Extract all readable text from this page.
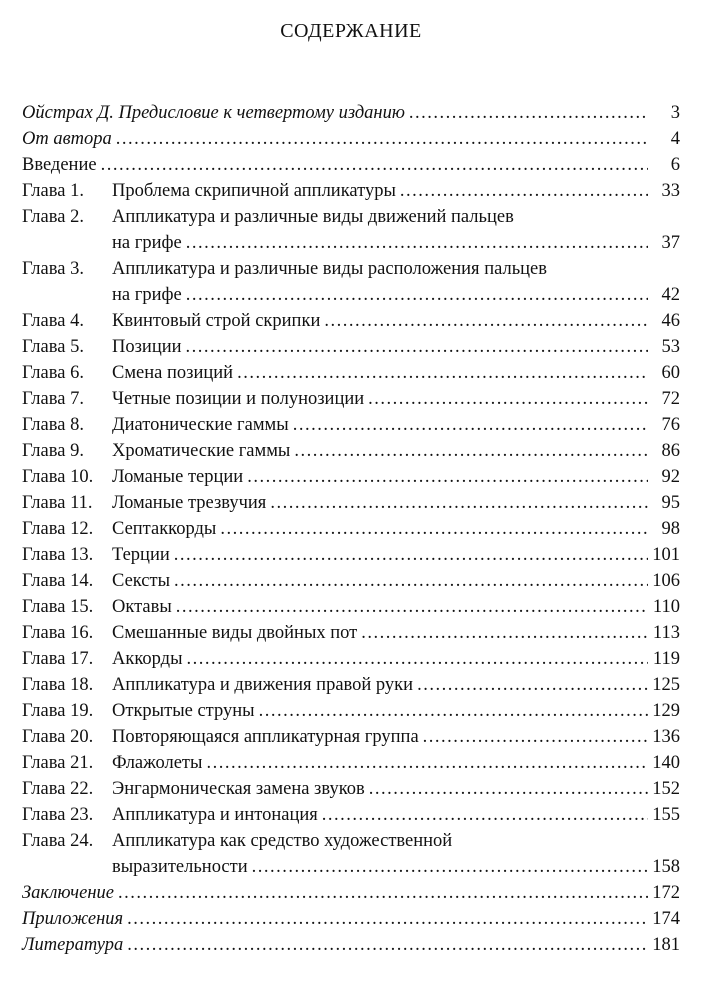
СОДЕРЖАНИЕ
Ойстрах Д. Предисловие к четвертому изданию .....	3
От автора .....	4
Введение .....	6
Глава 1.	Проблема скрипичной аппликатуры .....	33
Глава 2. Аппликатура и различные виды движений пальцев
на грифе .....	37
Глава 3. Аппликатура и различные виды расположения пальцев
на грифе .....	42
Глава 4.	Квинтовый строй скрипки .....	46
Глава 5.	Позиции .....	53
Глава 6.	Смена позиций .....	60
Глава 7.	Четные позиции и полунозиции .....	72
Глава 8.	Диатонические гаммы .....	76
Глава 9.	Хроматические гаммы .....	86
Глава 10.	Ломаные терции .....	92
Глава 11.	Ломаные трезвучия .....	95
Глава 12.	Септаккорды .....	98
Глава 13.	Терции .....	101
Глава 14.	Сексты .....	106
Глава 15.	Октавы .....	110
Глава 16.	Смешанные виды двойных пот .....	113
Глава 17.	Аккорды .....	119
Глава 18.	Аппликатура и движения правой руки .....	125
Глава 19.	Открытые струны .....	129
Глава 20.	Повторяющаяся аппликатурная группа .....	136
Глава 21.	Флажолеты .....	140
Глава 22.	Энгармоническая замена звуков .....	152
Глава 23.	Аппликатура и интонация .....	155
Глава 24. Аппликатура как средство художественной
выразительности .....	158
Заключение .....	172
Приложения .....	174
Литература .....	181
